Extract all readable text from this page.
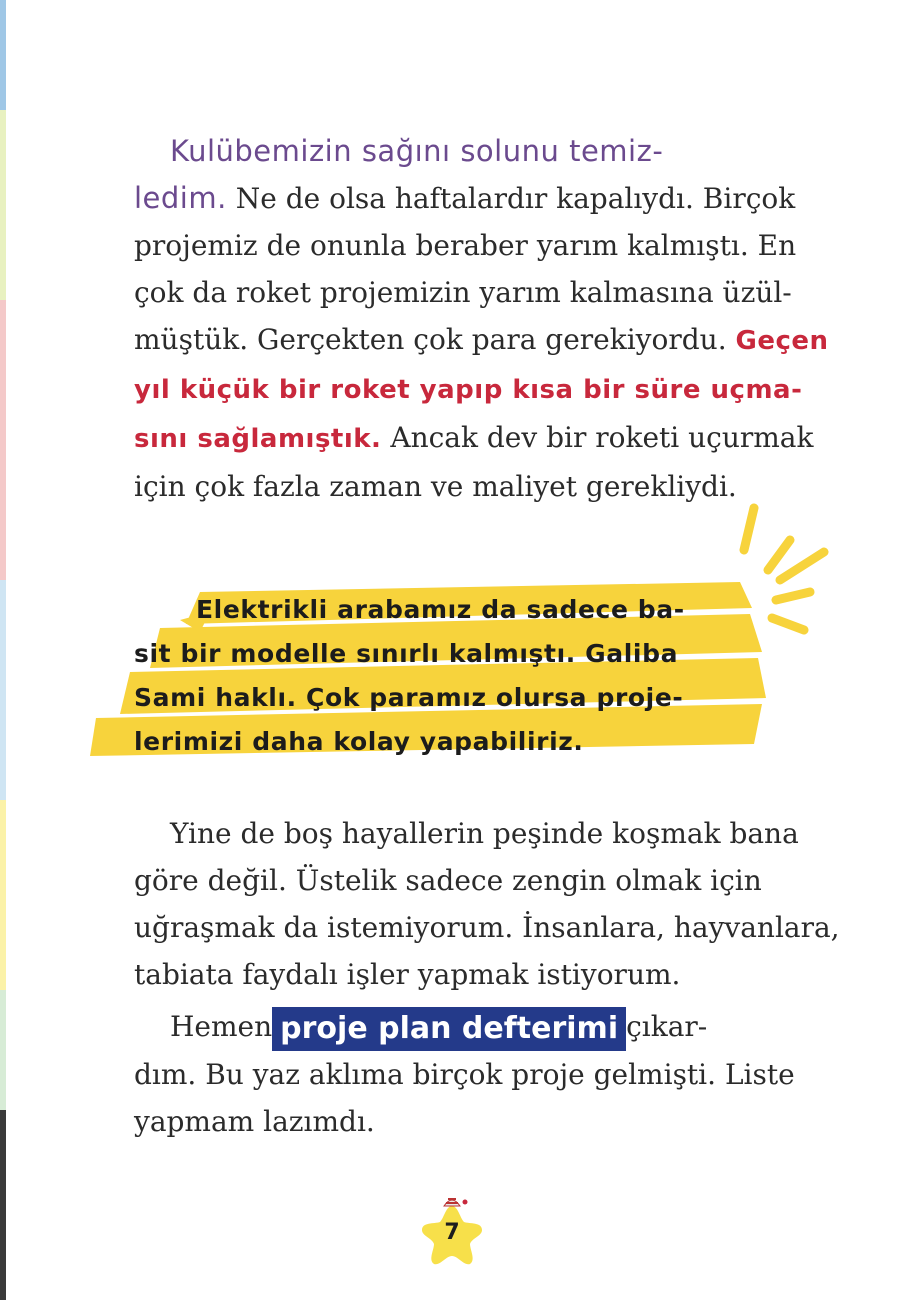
Kulübemizin sağını solunu temiz-
ledim. Ne de olsa haftalardır kapalıydı. Birçok
projemiz de onunla beraber yarım kalmıştı. En
çok da roket projemizin yarım kalmasına üzül-
müştük. Gerçekten çok para gerekiyordu. Geçen
yıl küçük bir roket yapıp kısa bir süre uçma-
sını sağlamıştık. Ancak dev bir roketi uçurmak
için çok fazla zaman ve maliyet gerekliydi.
Elektrikli arabamız da sadece ba-
sit bir modelle sınırlı kalmıştı. Galiba
Sami haklı. Çok paramız olursa proje-
lerimizi daha kolay yapabiliriz.
Yine de boş hayallerin peşinde koşmak bana
göre değil. Üstelik sadece zengin olmak için
uğraşmak da istemiyorum. İnsanlara, hayvanlara,
tabiata faydalı işler yapmak istiyorum.
Hemen proje plan defterimi çıkar-
dım. Bu yaz aklıma birçok proje gelmişti. Liste
yapmam lazımdı.
7
